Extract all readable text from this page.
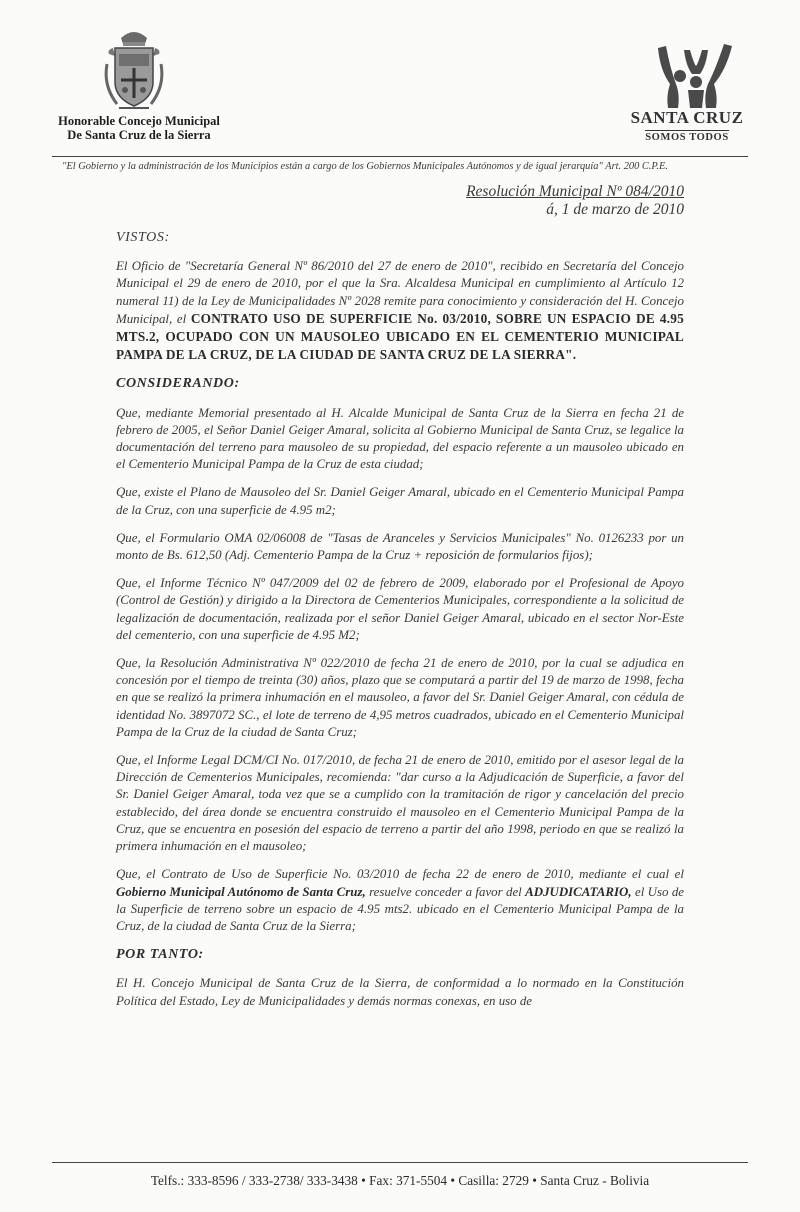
Honorable Concejo Municipal
De Santa Cruz de la Sierra
SANTA CRUZ
SOMOS TODOS
"El Gobierno y la administración de los Municipios están a cargo de los Gobiernos Municipales Autónomos y de igual jerarquía" Art. 200 C.P.E.
Resolución Municipal Nº 084/2010
á, 1 de marzo de 2010
VISTOS:

El Oficio de "Secretaría General Nº 86/2010 del 27 de enero de 2010", recibido en Secretaría del Concejo Municipal el 29 de enero de 2010, por el que la Sra. Alcaldesa Municipal en cumplimiento al Artículo 12 numeral 11) de la Ley de Municipalidades Nº 2028 remite para conocimiento y consideración del H. Concejo Municipal, el CONTRATO USO DE SUPERFICIE No. 03/2010, SOBRE UN ESPACIO DE 4.95 MTS.2, OCUPADO CON UN MAUSOLEO UBICADO EN EL CEMENTERIO MUNICIPAL PAMPA DE LA CRUZ, DE LA CIUDAD DE SANTA CRUZ DE LA SIERRA".

CONSIDERANDO:

Que, mediante Memorial presentado al H. Alcalde Municipal de Santa Cruz de la Sierra en fecha 21 de febrero de 2005, el Señor Daniel Geiger Amaral, solicita al Gobierno Municipal de Santa Cruz, se legalice la documentación del terreno para mausoleo de su propiedad, del espacio referente a un mausoleo ubicado en el Cementerio Municipal Pampa de la Cruz de esta ciudad;

Que, existe el Plano de Mausoleo del Sr. Daniel Geiger Amaral, ubicado en el Cementerio Municipal Pampa de la Cruz, con una superficie de 4.95 m2;

Que, el Formulario OMA 02/06008 de "Tasas de Aranceles y Servicios Municipales" No. 0126233 por un monto de Bs. 612,50 (Adj. Cementerio Pampa de la Cruz + reposición de formularios fijos);

Que, el Informe Técnico Nº 047/2009 del 02 de febrero de 2009, elaborado por el Profesional de Apoyo (Control de Gestión) y dirigido a la Directora de Cementerios Municipales, correspondiente a la solicitud de legalización de documentación, realizada por el señor Daniel Geiger Amaral, ubicado en el sector Nor-Este del cementerio, con una superficie de 4.95 M2;

Que, la Resolución Administrativa Nº 022/2010 de fecha 21 de enero de 2010, por la cual se adjudica en concesión por el tiempo de treinta (30) años, plazo que se computará a partir del 19 de marzo de 1998, fecha en que se realizó la primera inhumación en el mausoleo, a favor del Sr. Daniel Geiger Amaral, con cédula de identidad No. 3897072 SC., el lote de terreno de 4,95 metros cuadrados, ubicado en el Cementerio Municipal Pampa de la Cruz de la ciudad de Santa Cruz;

Que, el Informe Legal DCM/CI No. 017/2010, de fecha 21 de enero de 2010, emitido por el asesor legal de la Dirección de Cementerios Municipales, recomienda: "dar curso a la Adjudicación de Superficie, a favor del Sr. Daniel Geiger Amaral, toda vez que se a cumplido con la tramitación de rigor y cancelación del precio establecido, del área donde se encuentra construido el mausoleo en el Cementerio Municipal Pampa de la Cruz, que se encuentra en posesión del espacio de terreno a partir del año 1998, periodo en que se realizó la primera inhumación en el mausoleo;

Que, el Contrato de Uso de Superficie No. 03/2010 de fecha 22 de enero de 2010, mediante el cual el Gobierno Municipal Autónomo de Santa Cruz, resuelve conceder a favor del ADJUDICATARIO, el Uso de la Superficie de terreno sobre un espacio de 4.95 mts2. ubicado en el Cementerio Municipal Pampa de la Cruz, de la ciudad de Santa Cruz de la Sierra;

POR TANTO:

El H. Concejo Municipal de Santa Cruz de la Sierra, de conformidad a lo normado en la Constitución Política del Estado, Ley de Municipalidades y demás normas conexas, en uso de

Telfs.: 333-8596 / 333-2738/ 333-3438 • Fax: 371-5504 • Casilla: 2729 • Santa Cruz - Bolivia
